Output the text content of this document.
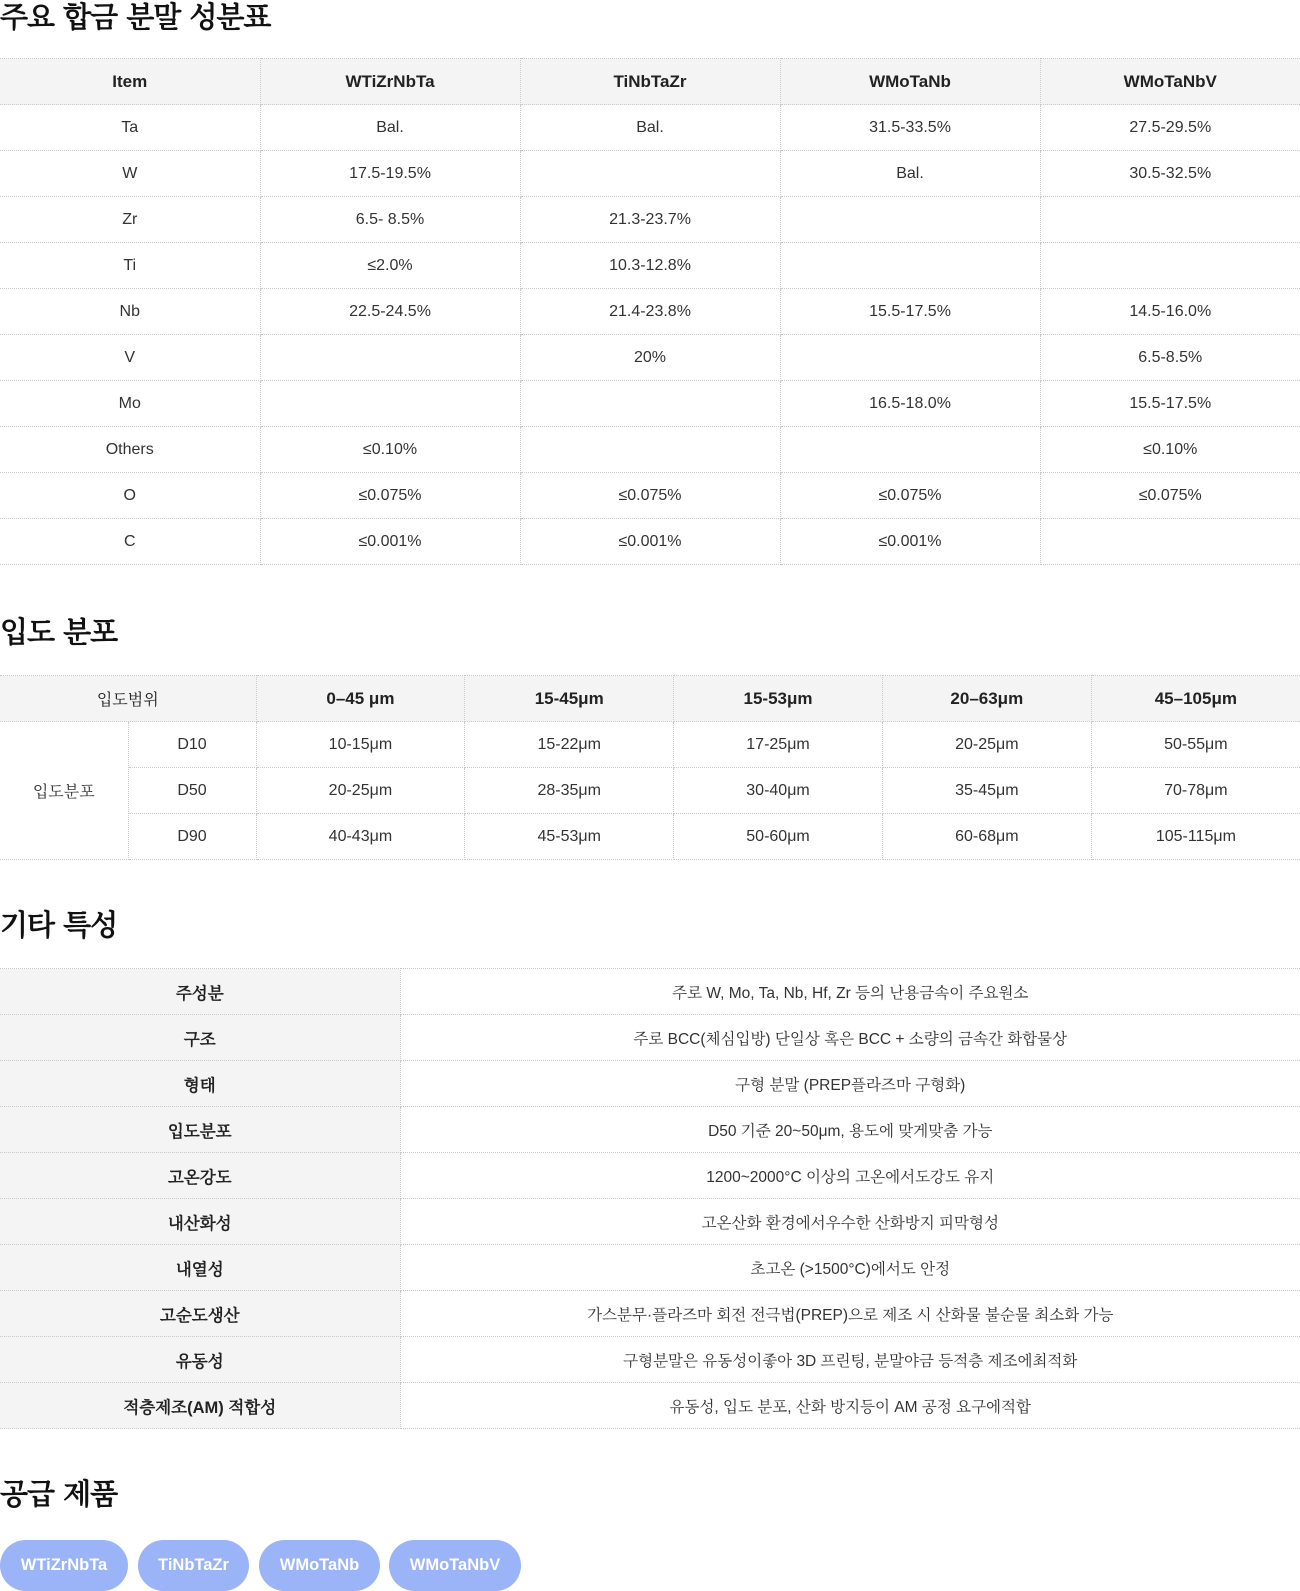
주요 합금 분말 성분표
Item	WTiZrNbTa	TiNbTaZr	WMoTaNb	WMoTaNbV
Ta	Bal.	Bal.	31.5-33.5%	27.5-29.5%
W	17.5-19.5%		Bal.	30.5-32.5%
Zr	6.5- 8.5%	21.3-23.7%		
Ti	≤2.0%	10.3-12.8%		
Nb	22.5-24.5%	21.4-23.8%	15.5-17.5%	14.5-16.0%
V		20%		6.5-8.5%
Mo			16.5-18.0%	15.5-17.5%
Others	≤0.10%			≤0.10%
O	≤0.075%	≤0.075%	≤0.075%	≤0.075%
C	≤0.001%	≤0.001%	≤0.001%	
입도 분포
입도범위		0–45 μm	15-45μm	15-53μm	20–63μm	45–105μm
입도분포	D10	10-15μm	15-22μm	17-25μm	20-25μm	50-55μm
	D50	20-25μm	28-35μm	30-40μm	35-45μm	70-78μm
	D90	40-43μm	45-53μm	50-60μm	60-68μm	105-115μm
기타 특성
주성분	주로 W, Mo, Ta, Nb, Hf, Zr 등의 난용금속이 주요원소
구조	주로 BCC(체심입방) 단일상 혹은 BCC + 소량의 금속간 화합물상
형태	구형 분말 (PREP플라즈마 구형화)
입도분포	D50 기준 20~50μm, 용도에 맞게맞춤 가능
고온강도	1200~2000°C 이상의 고온에서도강도 유지
내산화성	고온산화 환경에서우수한 산화방지 피막형성
내열성	초고온 (>1500°C)에서도 안정
고순도생산	가스분무·플라즈마 회전 전극법(PREP)으로 제조 시 산화물 불순물 최소화 가능
유동성	구형분말은 유동성이좋아 3D 프린팅, 분말야금 등적층 제조에최적화
적층제조(AM) 적합성	유동성, 입도 분포, 산화 방지등이 AM 공정 요구에적합
공급 제품
WTiZrNbTa	TiNbTaZr	WMoTaNb	WMoTaNbV
